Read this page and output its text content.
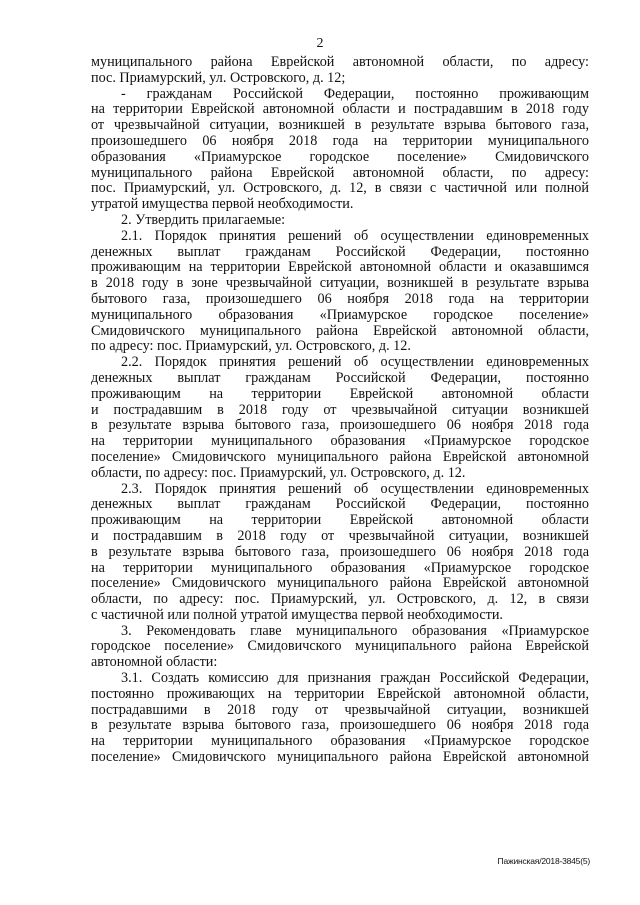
2

муниципального района Еврейской автономной области, по адресу:

пос. Приамурский, ул. Островского, д. 12;

- гражданам Российской Федерации, постоянно проживающим

на территории Еврейской автономной области и пострадавшим в 2018 году

от чрезвычайной ситуации, возникшей в результате взрыва бытового газа,

произошедшего 06 ноября 2018 года на территории муниципального

образования «Приамурское городское поселение» Смидовичского

муниципального района Еврейской автономной области, по адресу:

пос. Приамурский, ул. Островского, д. 12, в связи с частичной или полной

утратой имущества первой необходимости.

2. Утвердить прилагаемые:

2.1. Порядок принятия решений об осуществлении единовременных

денежных выплат гражданам Российской Федерации, постоянно

проживающим на территории Еврейской автономной области и оказавшимся

в 2018 году в зоне чрезвычайной ситуации, возникшей в результате взрыва

бытового газа, произошедшего 06 ноября 2018 года на территории

муниципального образования «Приамурское городское поселение»

Смидовичского муниципального района Еврейской автономной области,

по адресу: пос. Приамурский, ул. Островского, д. 12.

2.2. Порядок принятия решений об осуществлении единовременных

денежных выплат гражданам Российской Федерации, постоянно

проживающим на территории Еврейской автономной области

и пострадавшим в 2018 году от чрезвычайной ситуации возникшей

в результате взрыва бытового газа, произошедшего 06 ноября 2018 года

на территории муниципального образования «Приамурское городское

поселение» Смидовичского муниципального района Еврейской автономной

области, по адресу: пос. Приамурский, ул. Островского, д. 12.

2.3. Порядок принятия решений об осуществлении единовременных

денежных выплат гражданам Российской Федерации, постоянно

проживающим на территории Еврейской автономной области

и пострадавшим в 2018 году от чрезвычайной ситуации, возникшей

в результате взрыва бытового газа, произошедшего 06 ноября 2018 года

на территории муниципального образования «Приамурское городское

поселение» Смидовичского муниципального района Еврейской автономной

области, по адресу: пос. Приамурский, ул. Островского, д. 12, в связи

с частичной или полной утратой имущества первой необходимости.

3. Рекомендовать главе муниципального образования «Приамурское

городское поселение» Смидовичского муниципального района Еврейской

автономной области:

3.1. Создать комиссию для признания граждан Российской Федерации,

постоянно проживающих на территории Еврейской автономной области,

пострадавшими в 2018 году от чрезвычайной ситуации, возникшей

в результате взрыва бытового газа, произошедшего 06 ноября 2018 года

на территории муниципального образования «Приамурское городское

поселение» Смидовичского муниципального района Еврейской автономной

Пажинская/2018-3845(5)
